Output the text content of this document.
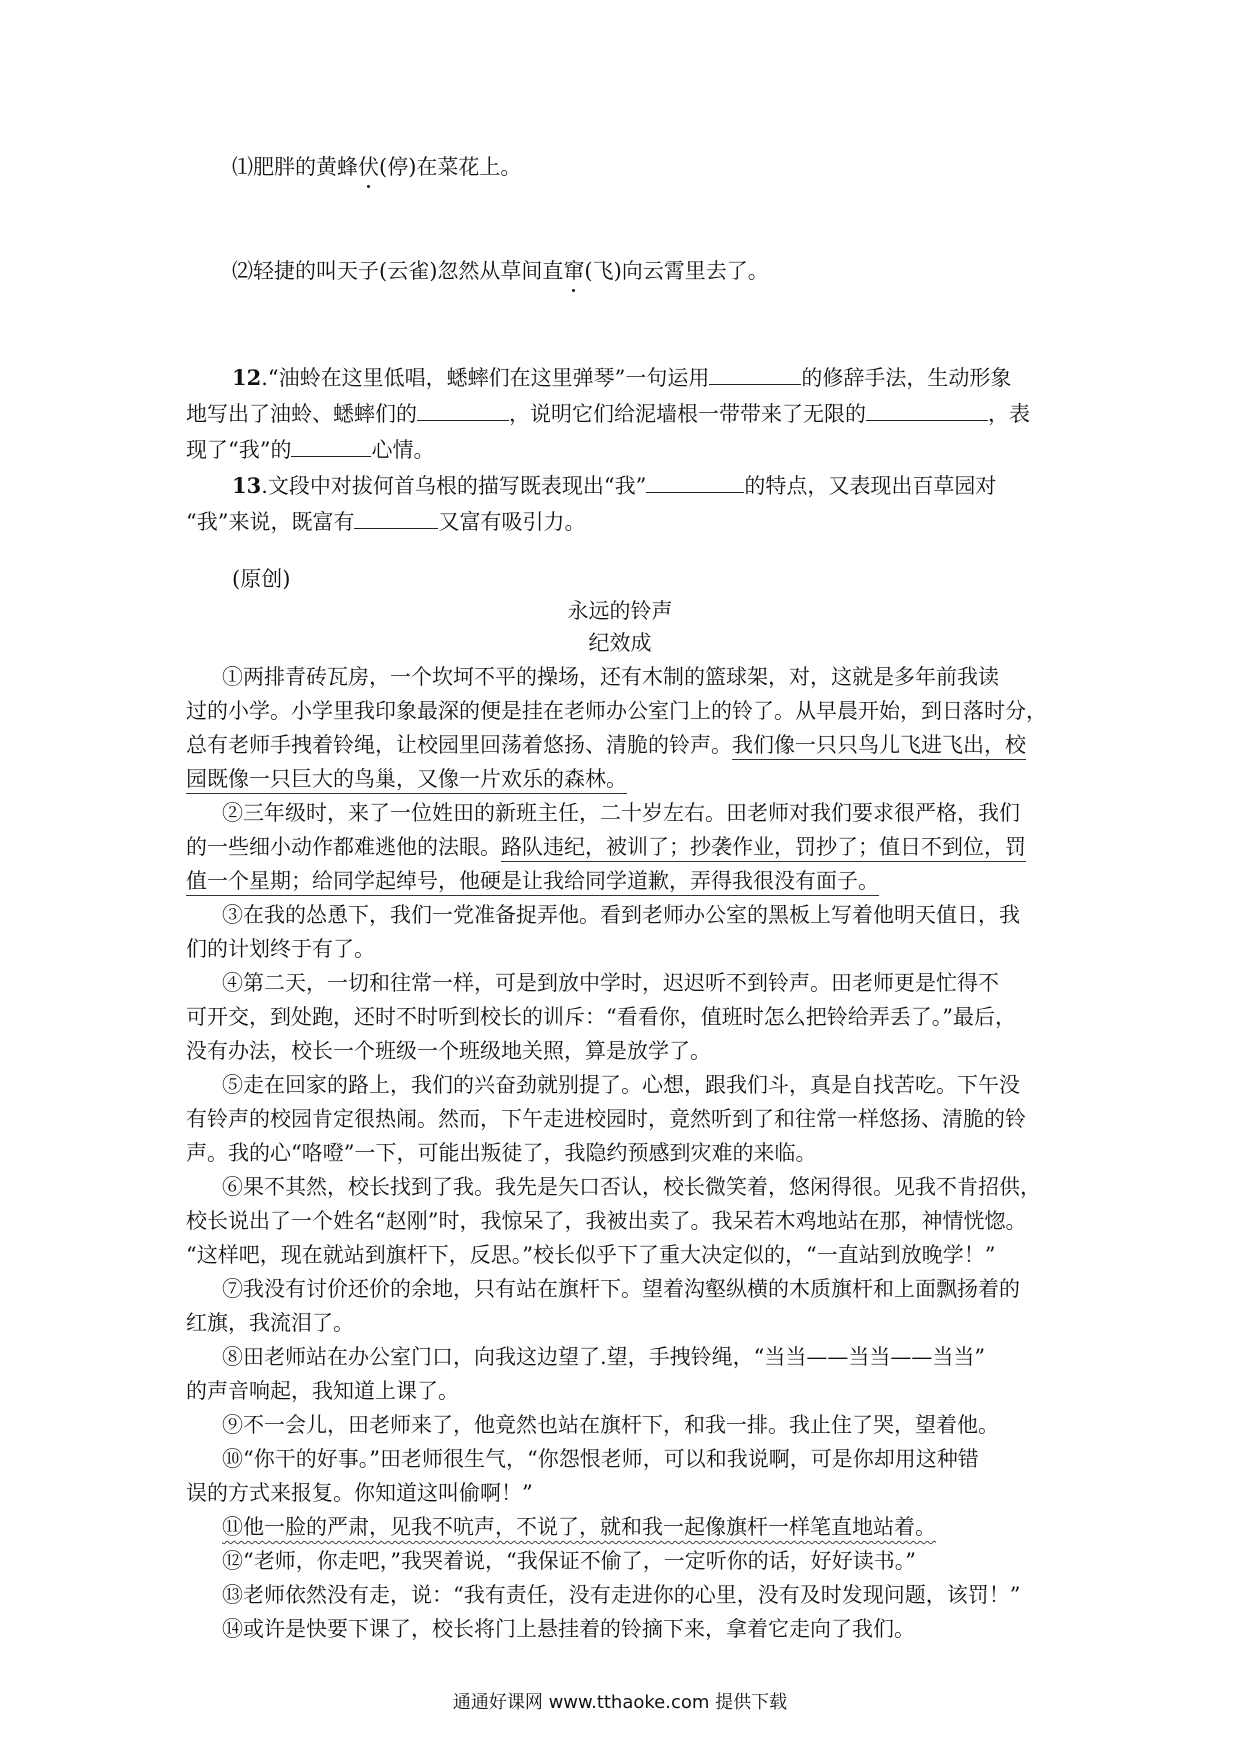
⑴肥胖的黄蜂伏(停)在菜花上。
⑵轻捷的叫天子(云雀)忽然从草间直窜(飞)向云霄里去了。
12.“油蛉在这里低唱，蟋蟀们在这里弹琴”一句运用	的修辞手法，生动形象
地写出了油蛉、蟋蟀们的	，说明它们给泥墙根一带带来了无限的	，表
现了“我”的	心情。
13.文段中对拔何首乌根的描写既表现出“我”	的特点，又表现出百草园对
“我”来说，既富有	又富有吸引力。
(原创)
永远的铃声
纪效成
①两排青砖瓦房，一个坎坷不平的操场，还有木制的篮球架，对，这就是多年前我读
过的小学。小学里我印象最深的便是挂在老师办公室门上的铃了。从早晨开始，到日落时分，
总有老师手拽着铃绳，让校园里回荡着悠扬、清脆的铃声。我们像一只只鸟儿飞进飞出，校
园既像一只巨大的鸟巢，又像一片欢乐的森林。
②三年级时，来了一位姓田的新班主任，二十岁左右。田老师对我们要求很严格，我们
的一些细小动作都难逃他的法眼。路队违纪，被训了；抄袭作业，罚抄了；值日不到位，罚
值一个星期；给同学起绰号，他硬是让我给同学道歉，弄得我很没有面子。
③在我的怂恿下，我们一党准备捉弄他。看到老师办公室的黑板上写着他明天值日，我
们的计划终于有了。
④第二天，一切和往常一样，可是到放中学时，迟迟听不到铃声。田老师更是忙得不
可开交，到处跑，还时不时听到校长的训斥：“看看你，值班时怎么把铃给弄丢了。”最后，
没有办法，校长一个班级一个班级地关照，算是放学了。
⑤走在回家的路上，我们的兴奋劲就别提了。心想，跟我们斗，真是自找苦吃。下午没
有铃声的校园肯定很热闹。然而，下午走进校园时，竟然听到了和往常一样悠扬、清脆的铃
声。我的心“咯噔”一下，可能出叛徒了，我隐约预感到灾难的来临。
⑥果不其然，校长找到了我。我先是矢口否认，校长微笑着，悠闲得很。见我不肯招供，
校长说出了一个姓名“赵刚”时，我惊呆了，我被出卖了。我呆若木鸡地站在那，神情恍惚。
“这样吧，现在就站到旗杆下，反思。”校长似乎下了重大决定似的，“一直站到放晚学！”
⑦我没有讨价还价的余地，只有站在旗杆下。望着沟壑纵横的木质旗杆和上面飘扬着的
红旗，我流泪了。
⑧田老师站在办公室门口，向我这边望了.望，手拽铃绳，“当当——当当——当当”
的声音响起，我知道上课了。
⑨不一会儿，田老师来了，他竟然也站在旗杆下，和我一排。我止住了哭，望着他。
⑩“你干的好事。”田老师很生气，“你怨恨老师，可以和我说啊，可是你却用这种错
误的方式来报复。你知道这叫偷啊！”
⑪他一脸的严肃，见我不吭声，不说了，就和我一起像旗杆一样笔直地站着。
⑫“老师，你走吧，”我哭着说，“我保证不偷了，一定听你的话，好好读书。”
⑬老师依然没有走，说：“我有责任，没有走进你的心里，没有及时发现问题，该罚！”
⑭或许是快要下课了，校长将门上悬挂着的铃摘下来，拿着它走向了我们。
通通好课网 www.tthaoke.com 提供下载
